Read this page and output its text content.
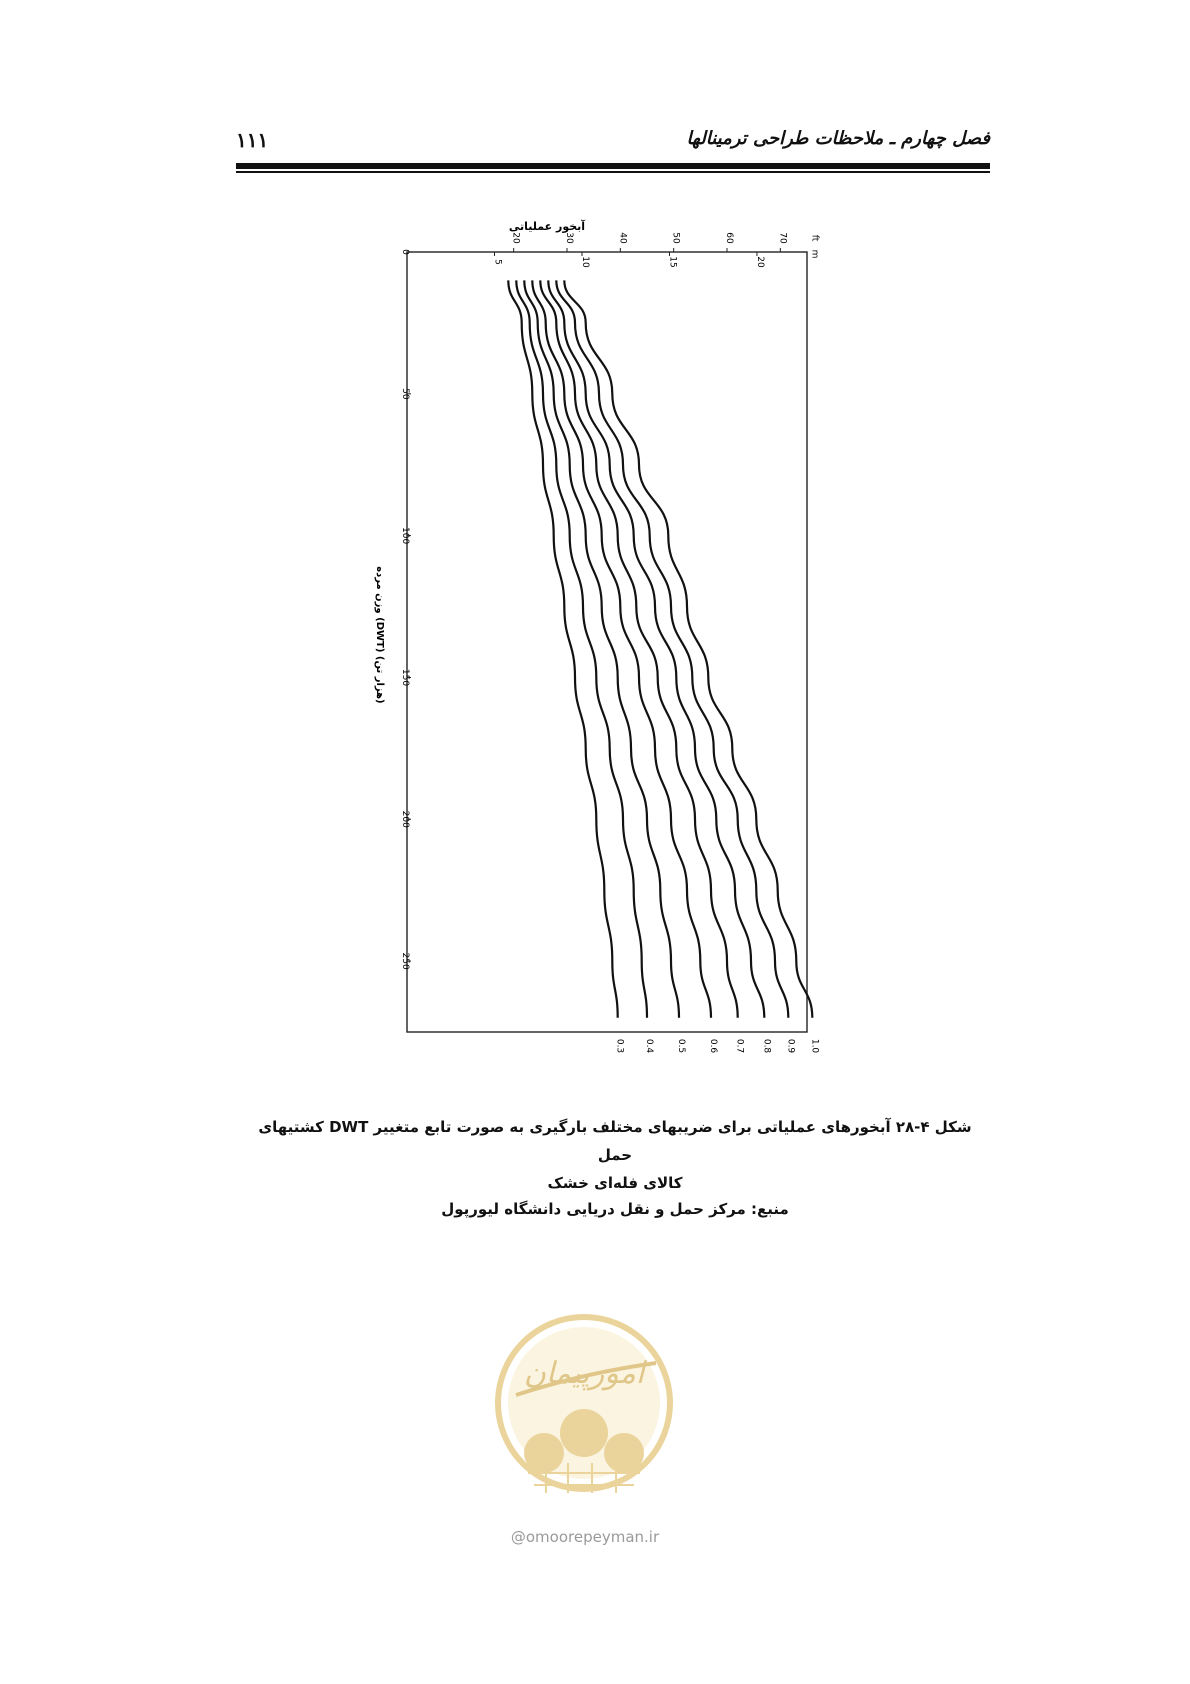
۱۱۱	فصل چهارم ـ ملاحظات طراحی ترمینالها
20	30	40	50	60	70 ft
5	10	15	20
m
0
50
100
150
200
250
0.3 0.4 0.5 0.6 0.7 0.8 0.9 1.0
آبخور عملیاتی
وزن مرده (DWT) (هزار تن)
شکل ۴-۲۸ آبخورهای عملیاتی برای ضریبهای مختلف بارگیری به صورت تابع متغییر DWT کشتیهای حمل
کالای فله‌ای خشک
منبع: مرکز حمل و نقل دریایی دانشگاه لیورپول
امورپیمان
@omoorepeyman.ir
